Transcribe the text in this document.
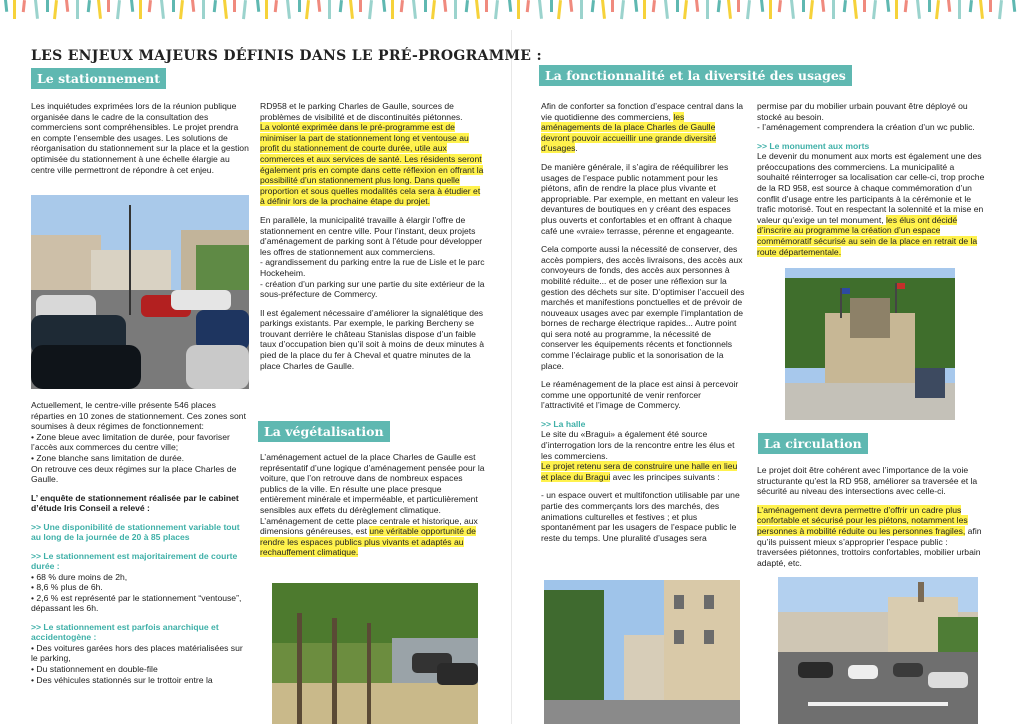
LES ENJEUX MAJEURS DÉFINIS DANS LE PRÉ-PROGRAMME :
Le stationnement

Les inquiétudes exprimées lors de la réunion publique organisée dans le cadre de la consultation des commerciens sont compréhensibles. Le projet prendra en compte l’ensemble des usages. Les solutions de réorganisation du stationnement sur la place et la gestion optimisée du stationnement à une échelle élargie au centre ville permettront de répondre à cet enjeu.

Actuellement, le centre-ville présente 546 places réparties en 10 zones de stationnement. Ces zones sont soumises à deux régimes de fonctionnement:
• Zone bleue avec limitation de durée, pour favoriser l’accès aux commerces du centre ville;
• Zone blanche sans limitation de durée.

On retrouve ces deux régimes sur la place Charles de Gaulle.

L’ enquête de stationnement réalisée par le cabinet d’étude Iris Conseil a relevé :

>> Une disponibilité de stationnement variable tout au long de la journée de 20 à 85 places

>> Le stationnement est majoritairement de courte durée :
• 68 % dure moins de 2h,
• 8,6 % plus de 6h.

• 2,6 % est représenté par le stationnement “ventouse”, dépassant les 6h.

>> Le stationnement est parfois anarchique et accidentogène :
• Des voitures garées hors des places matérialisées sur le parking,
• Du stationnement en double-file
• Des véhicules stationnés sur le trottoir entre la
RD958 et le parking Charles de Gaulle, sources de problèmes de visibilité et de discontinuités piétonnes.

La volonté exprimée dans le pré-programme est de minimiser la part de stationnement long et ventouse au profit du stationnement de courte durée, utile aux commerces et aux services de santé. Les résidents seront également pris en compte dans cette réflexion en offrant la possibilité d’un stationnement plus long. Dans quelle proportion et sous quelles modalités cela sera à étudier et à définir lors de la prochaine étape du projet.

En parallèle, la municipalité travaille à élargir l’offre de stationnement en centre ville. Pour l’instant, deux projets d’aménagement de parking sont à l’étude pour développer les offres de stationnement aux commerciens.
- agrandissement du parking entre la rue de Lisle et le parc Hockeheim.

- création d’un parking sur une partie du site extérieur de la sous-préfecture de Commercy.

Il est également nécessaire d’améliorer la signalétique des parkings existants. Par exemple, le parking Bercheny se trouvant derrière le château Stanislas dispose d’un faible taux d’occupation bien qu’il soit à moins de deux minutes à pied de la place du fer à Cheval et quatre minutes de la place Charles de Gaulle.

La végétalisation

L’aménagement actuel de la place Charles de Gaulle est représentatif d’une logique d’aménagement pensée pour la voiture, que l’on retrouve dans de nombreux espaces publics de la ville. En résulte une place presque entièrement minérale et imperméable, et particulièrement sensibles aux effets du dérèglement climatique. L’aménagement de cette place centrale et historique, aux dimensions généreuses, est une véritable opportunité de rendre les espaces publics plus vivants et adaptés au rechauffement climatique.

La fonctionnalité et la diversité des usages

Afin de conforter sa fonction d’espace central dans la vie quotidienne des commerciens, les aménagements de la place Charles de Gaulle devront pouvoir accueillir une grande diversité d’usages.

De manière générale, il s’agira de rééquilibrer les usages de l’espace public notamment pour les piétons, afin de rendre la place plus vivante et appropriable. Par exemple, en mettant en valeur les devantures de boutiques en y créant des espaces plus ouverts et confortables et en offrant à chaque café une «vraie» terrasse, pérenne et engageante.

Cela comporte aussi la nécessité de conserver, des accès pompiers, des accès livraisons, des accès aux convoyeurs de fonds, des accès aux personnes à mobilité réduite... et de poser une réflexion sur la gestion des déchets sur site. D’optimiser l’accueil des marchés et manifestions ponctuelles et de prévoir de nouveaux usages avec par exemple l’implantation de bornes de recharge électrique rapides... Autre point qui sera noté au programme, la nécessité de conserver les équipements récents et fonctionnels comme l’éclairage public et la sonorisation de la place.

Le réaménagement de la place est ainsi à percevoir comme une opportunité de venir renforcer l’attractivité et l’image de Commercy.

>> La halle
Le site du «Bragui» a également été source d’interrogation lors de la rencontre entre les élus et les commerciens.

Le projet retenu sera de construire une halle en lieu et place du Bragui avec les principes suivants :

- un espace ouvert et multifonction utilisable par une partie des commerçants lors des marchés, des animations culturelles et festives ; et plus spontanément par les usagers de l’espace public le reste du temps. Une pluralité d’usages sera

permise par du mobilier urbain pouvant être déployé ou stocké au besoin.

- l’aménagement comprendera la création d’un wc public.

>> Le monument aux morts

Le devenir du monument aux morts est également une des préoccupations des commerciens. La municipalité a souhaité réinterroger sa localisation car celle-ci, trop proche de la RD 958, est source à chaque commémoration d’un conflit d’usage entre les participants à la cérémonie et le trafic motorisé. Tout en respectant la solennité et la mise en valeur qu’exige un tel monument, les élus ont décidé d’inscrire au programme la création d’un espace commémoratif sécurisé au sein de la place en retrait de la route départementale.

La circulation

Le projet doit être cohérent avec l’importance de la voie structurante qu’est la RD 958, améliorer sa traversée et la sécurité au niveau des intersections avec celle-ci.

L’aménagement devra permettre d’offrir un cadre plus confortable et sécurisé pour les piétons, notamment les personnes à mobilité réduite ou les personnes fragiles, afin qu’ils puissent mieux s’approprier l’espace public : traversées piétonnes, trottoirs confortables, mobilier urbain adapté, etc.
